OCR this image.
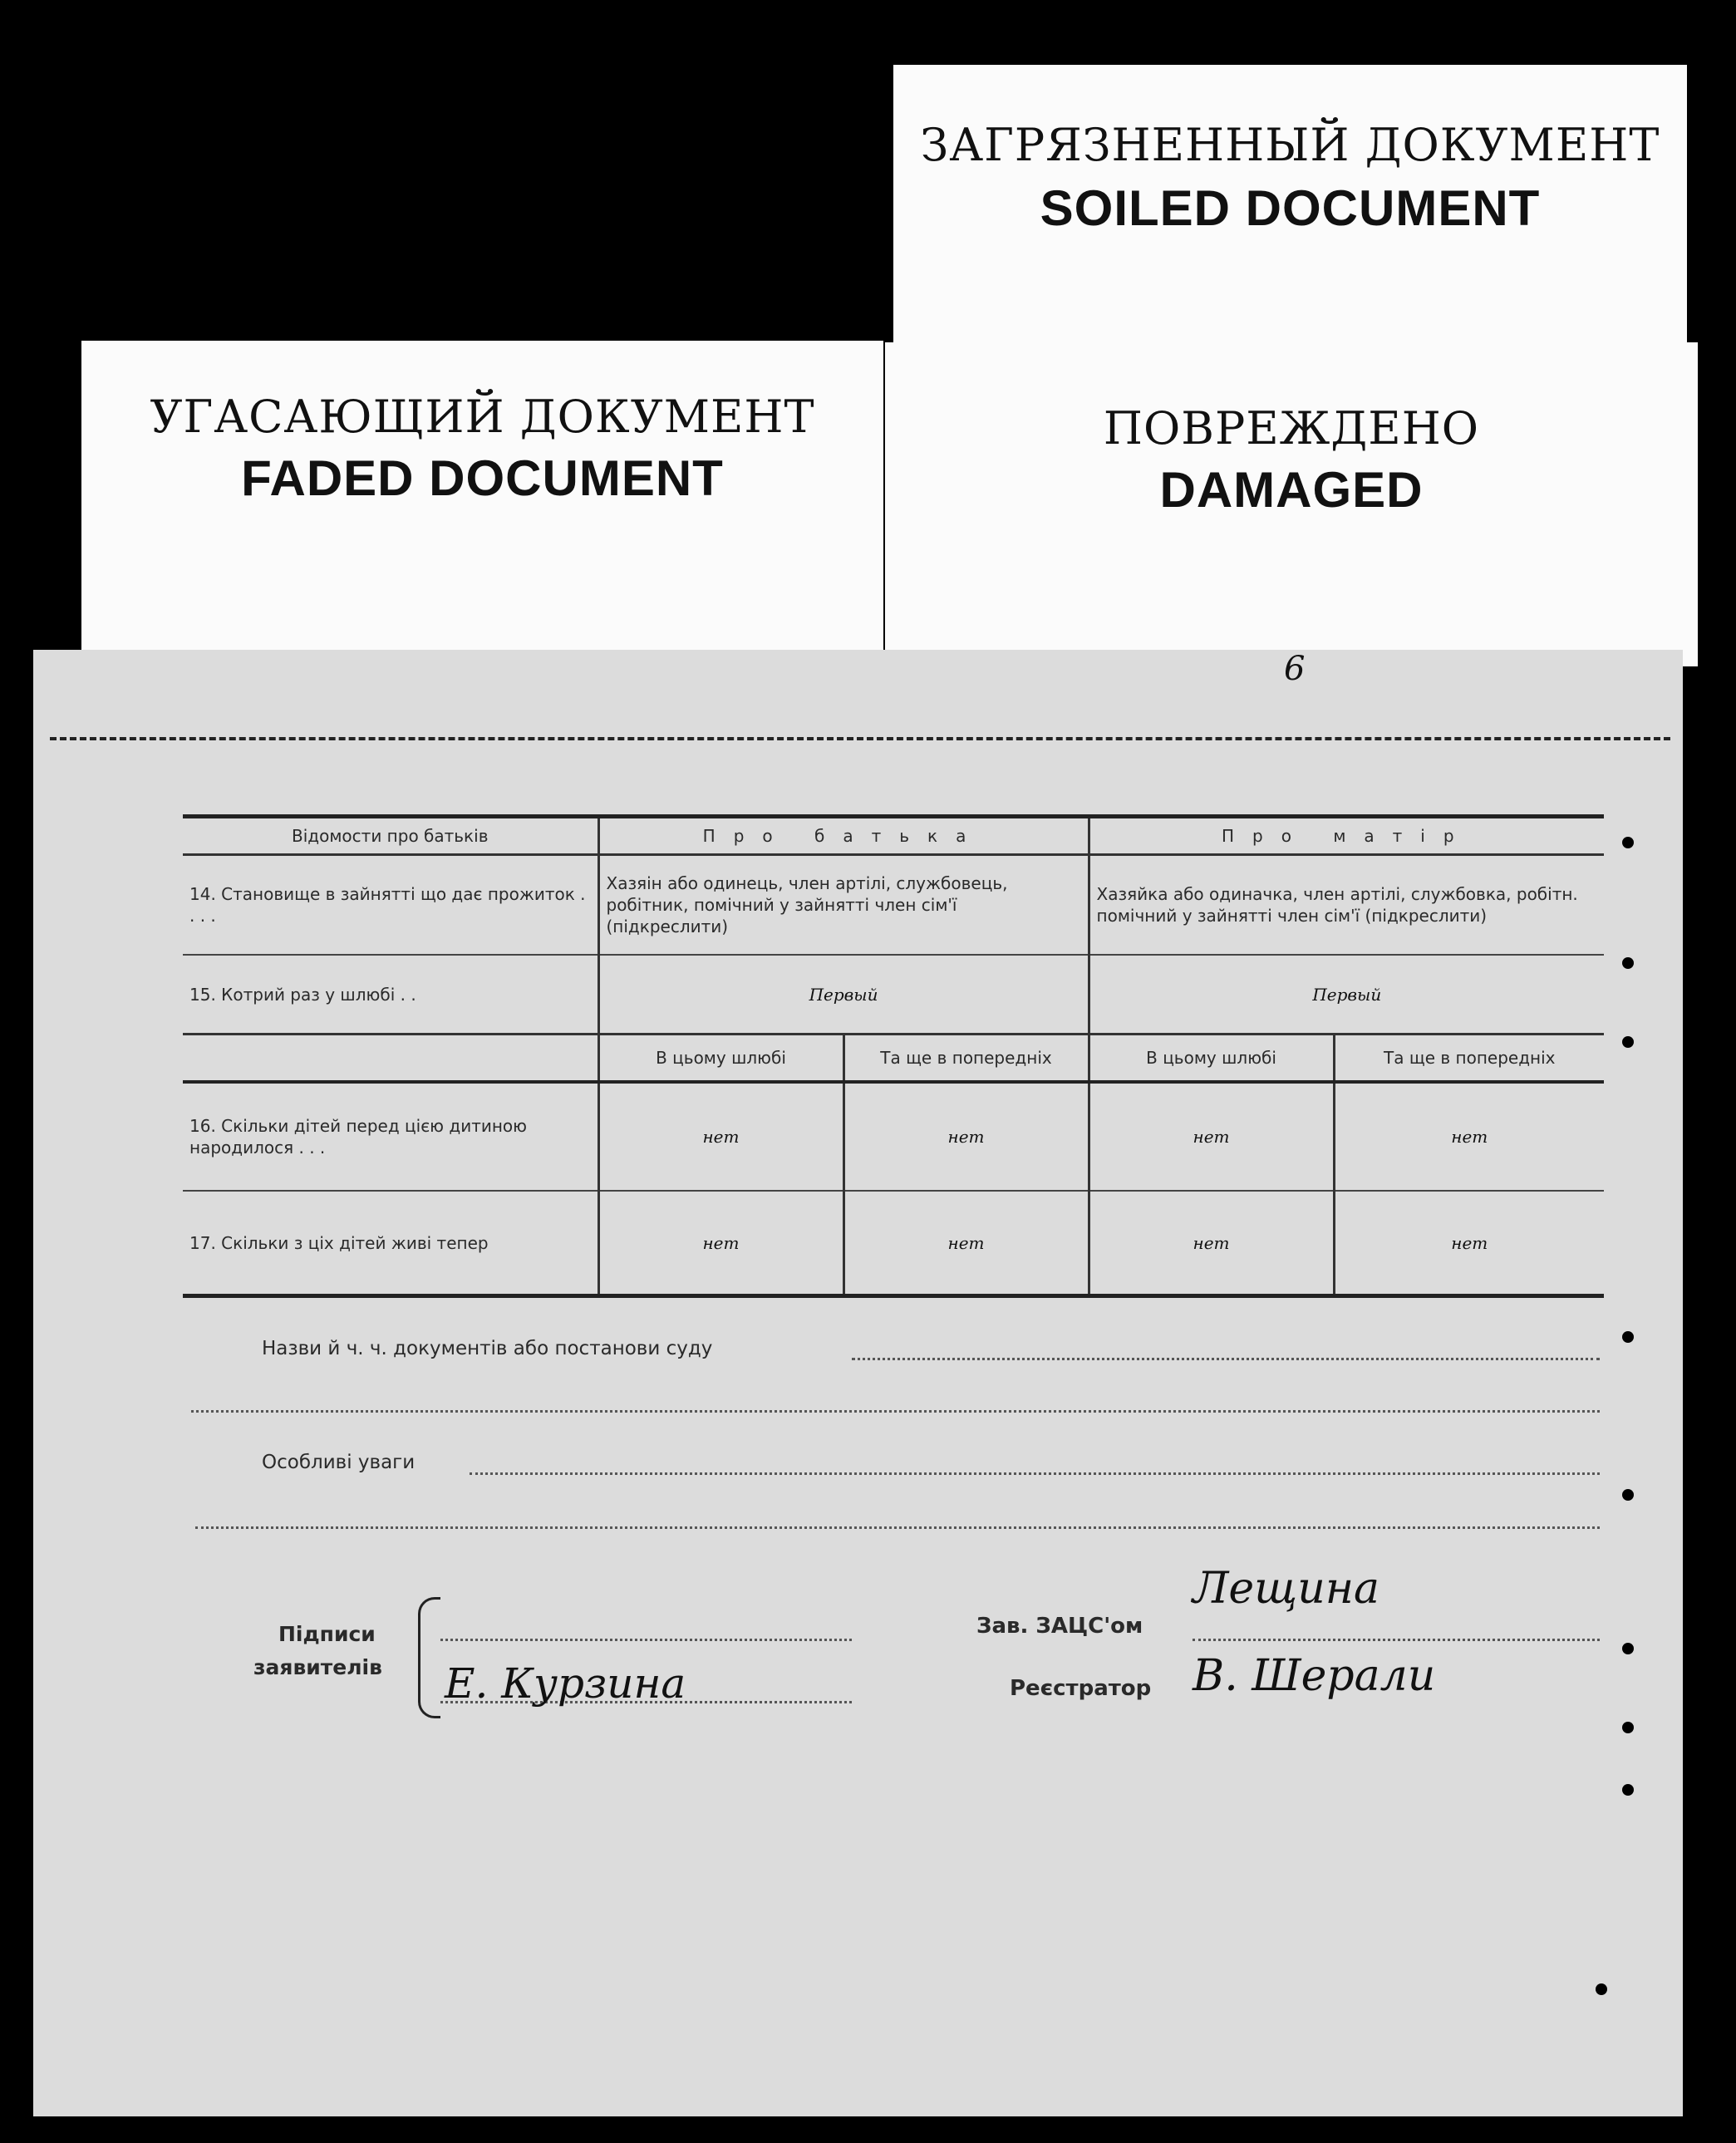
ЗАГРЯЗНЕННЫЙ ДОКУМЕНТ
SOILED DOCUMENT
УГАСАЮЩИЙ ДОКУМЕНТ
FADED DOCUMENT
ПОВРЕЖДЕНО
DAMAGED
6
Відомости про батьків	Про батька		Про матір	
14. Становище в зайнятті що дає прожиток . . . .	Хазяін або одинець, член артілі, службовець, робітник, помічний у зайнятті член сім'ї (підкреслити)		Хазяйка або одиначка, член артілі, службовка, робітн. помічний у зайнятті член сім'ї (підкреслити)	
15. Котрий раз у шлюбі . .	Первый		Первый	
	В цьому шлюбі	Та ще в попередніх	В цьому шлюбі	Та ще в попередніх
16. Скільки дітей перед цією дитиною народилося . . .	нет	нет	нет	нет
17. Скільки з ціх дітей живі тепер	нет	нет	нет	нет
Назви й ч. ч. документів або постанови суду
Особливі уваги
Підписи
заявителів Е. Курзина
Зав. ЗАЦС'ом
Лещина
Реєстратор В. Шерали
